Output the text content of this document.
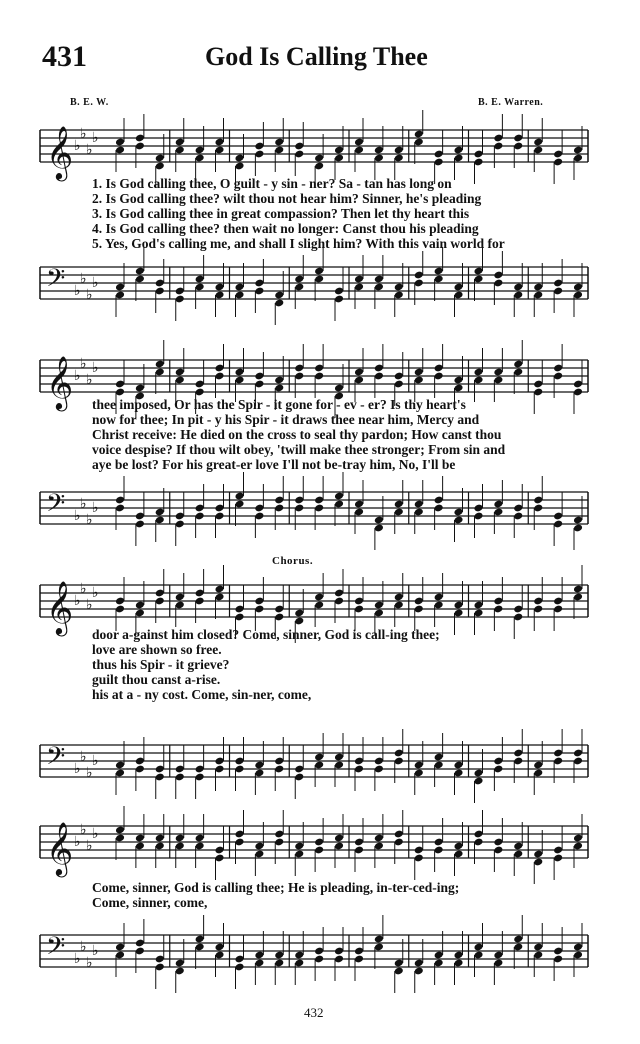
431	God Is Calling Thee
B. E. W.	B. E. Warren.
𝄞 ♭
♭
♭
♭
𝄢 ♭
♭
♭
♭
1. Is God calling thee, O guilt - y sin - ner? Sa - tan has long on
2. Is God calling thee? wilt thou not hear him? Sinner, he's pleading
3. Is God calling thee in great compassion? Then let thy heart this
4. Is God calling thee? then wait no longer: Canst thou his pleading
5. Yes, God's calling me, and shall I slight him? With this vain world for
𝄞 ♭
♭
♭
♭
𝄢 ♭
♭
♭
♭
thee imposed, Or has the Spir - it gone for - ev - er? Is thy heart's
now for thee; In pit - y his Spir - it draws thee near him, Mercy and
Christ receive: He died on the cross to seal thy pardon; How canst thou
voice despise? If thou wilt obey, 'twill make thee stronger; From sin and
aye be lost? For his great-er love I'll not be-tray him, No, I'll be
Chorus.
𝄞 ♭
♭
♭
♭
𝄢 ♭
♭
♭
♭
door a-gainst him closed? Come, sinner, God is call-ing thee;
love are shown so free.
thus his Spir - it grieve?
guilt thou canst a-rise.
his at a - ny cost. Come, sin-ner, come,
𝄞 ♭
♭
♭
♭
𝄢 ♭
♭
♭
♭
Come, sinner, God is calling thee; He is pleading, in-ter-ced-ing;
Come, sinner, come,
432
